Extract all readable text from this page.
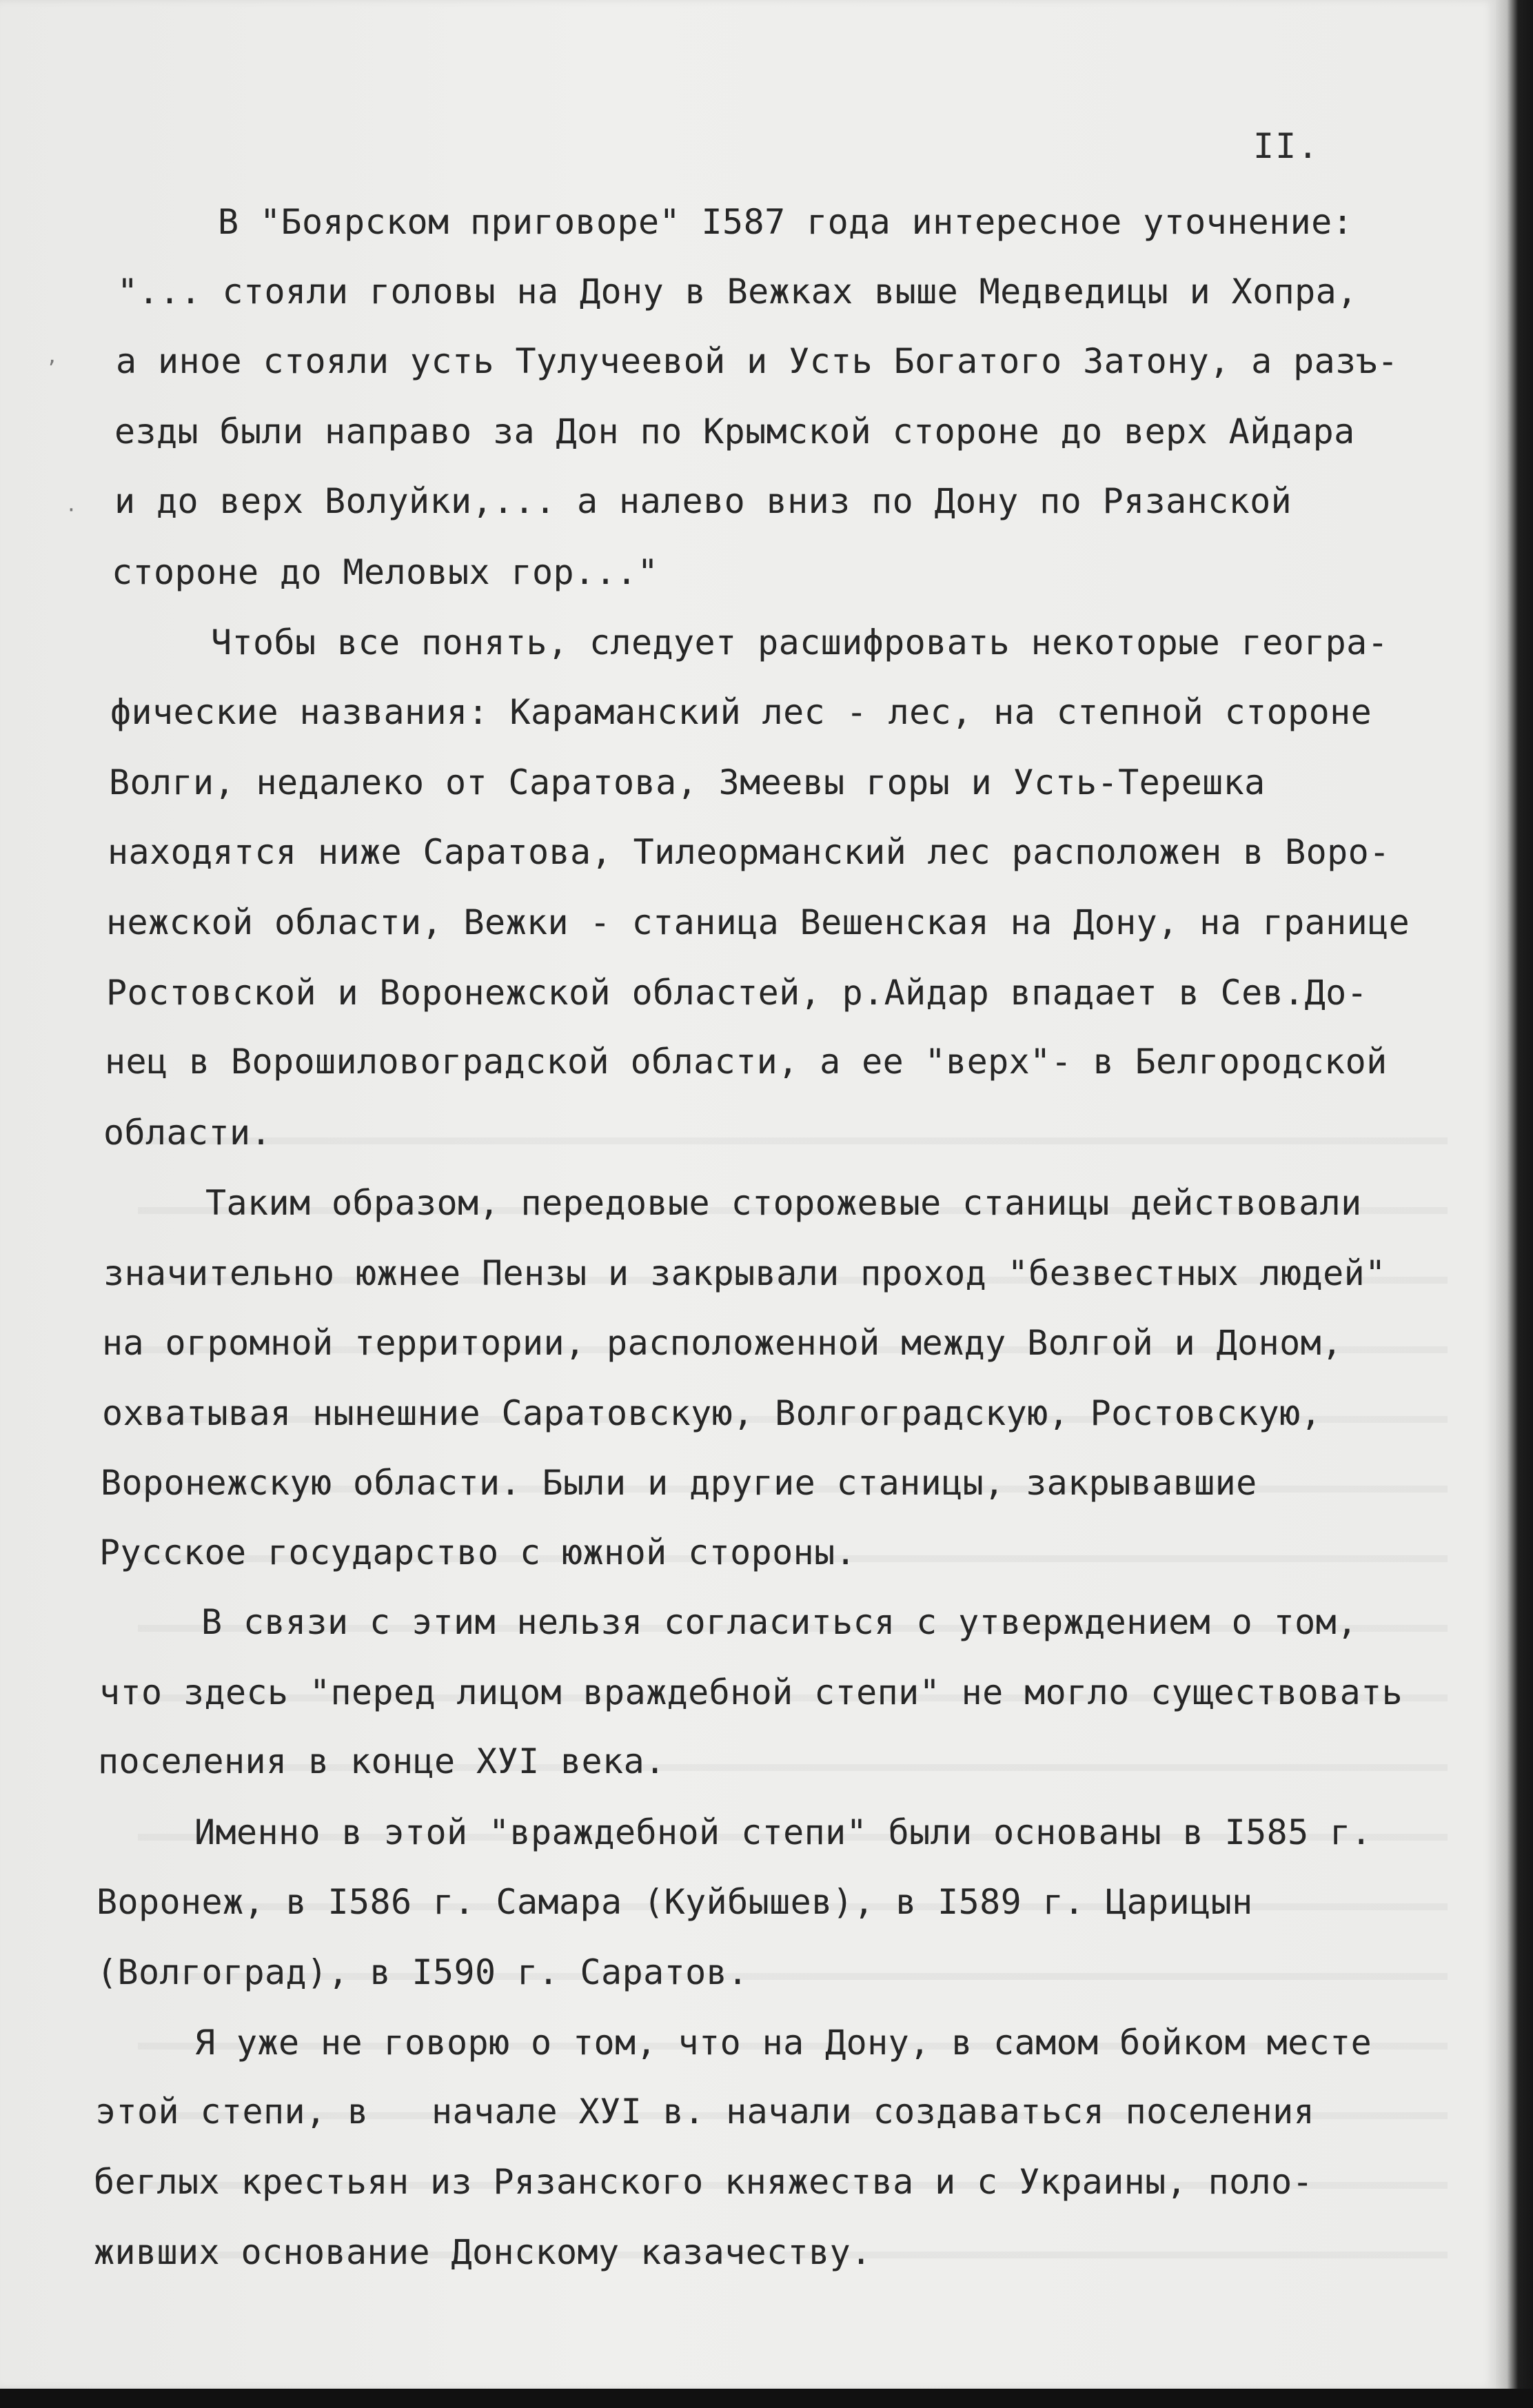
II.
,
·
В "Боярском приговоре" I587 года интересное уточнение:
"... стояли головы на Дону в Вежках выше Медведицы и Хопра,
а иное стояли усть Тулучеевой и Усть Богатого Затону, а разъ-
езды были направо за Дон по Крымской стороне до верх Айдара
и до верх Волуйки,... а налево вниз по Дону по Рязанской
стороне до Меловых гор..."
Чтобы все понять, следует расшифровать некоторые геогра-
фические названия: Караманский лес - лес, на степной стороне
Волги, недалеко от Саратова, Змеевы горы и Усть-Терешка
находятся ниже Саратова, Тилеорманский лес расположен в Воро-
нежской области, Вежки - станица Вешенская на Дону, на границе
Ростовской и Воронежской областей, р.Айдар впадает в Сев.До-
нец в Ворошиловоградской области, а ее "верх"- в Белгородской
области.
Таким образом, передовые сторожевые станицы действовали
значительно южнее Пензы и закрывали проход "безвестных людей"
на огромной территории, расположенной между Волгой и Доном,
охватывая нынешние Саратовскую, Волгоградскую, Ростовскую,
Воронежскую области. Были и другие станицы, закрывавшие
Русское государство с южной стороны.
В связи с этим нельзя согласиться с утверждением о том,
что здесь "перед лицом враждебной степи" не могло существовать
поселения в конце ХУI века.
Именно в этой "враждебной степи" были основаны в I585 г.
Воронеж, в I586 г. Самара (Куйбышев), в I589 г. Царицын
(Волгоград), в I590 г. Саратов.
Я уже не говорю о том, что на Дону, в самом бойком месте
этой степи, в   начале ХУI в. начали создаваться поселения
беглых крестьян из Рязанского княжества и с Украины, поло-
живших основание Донскому казачеству.
